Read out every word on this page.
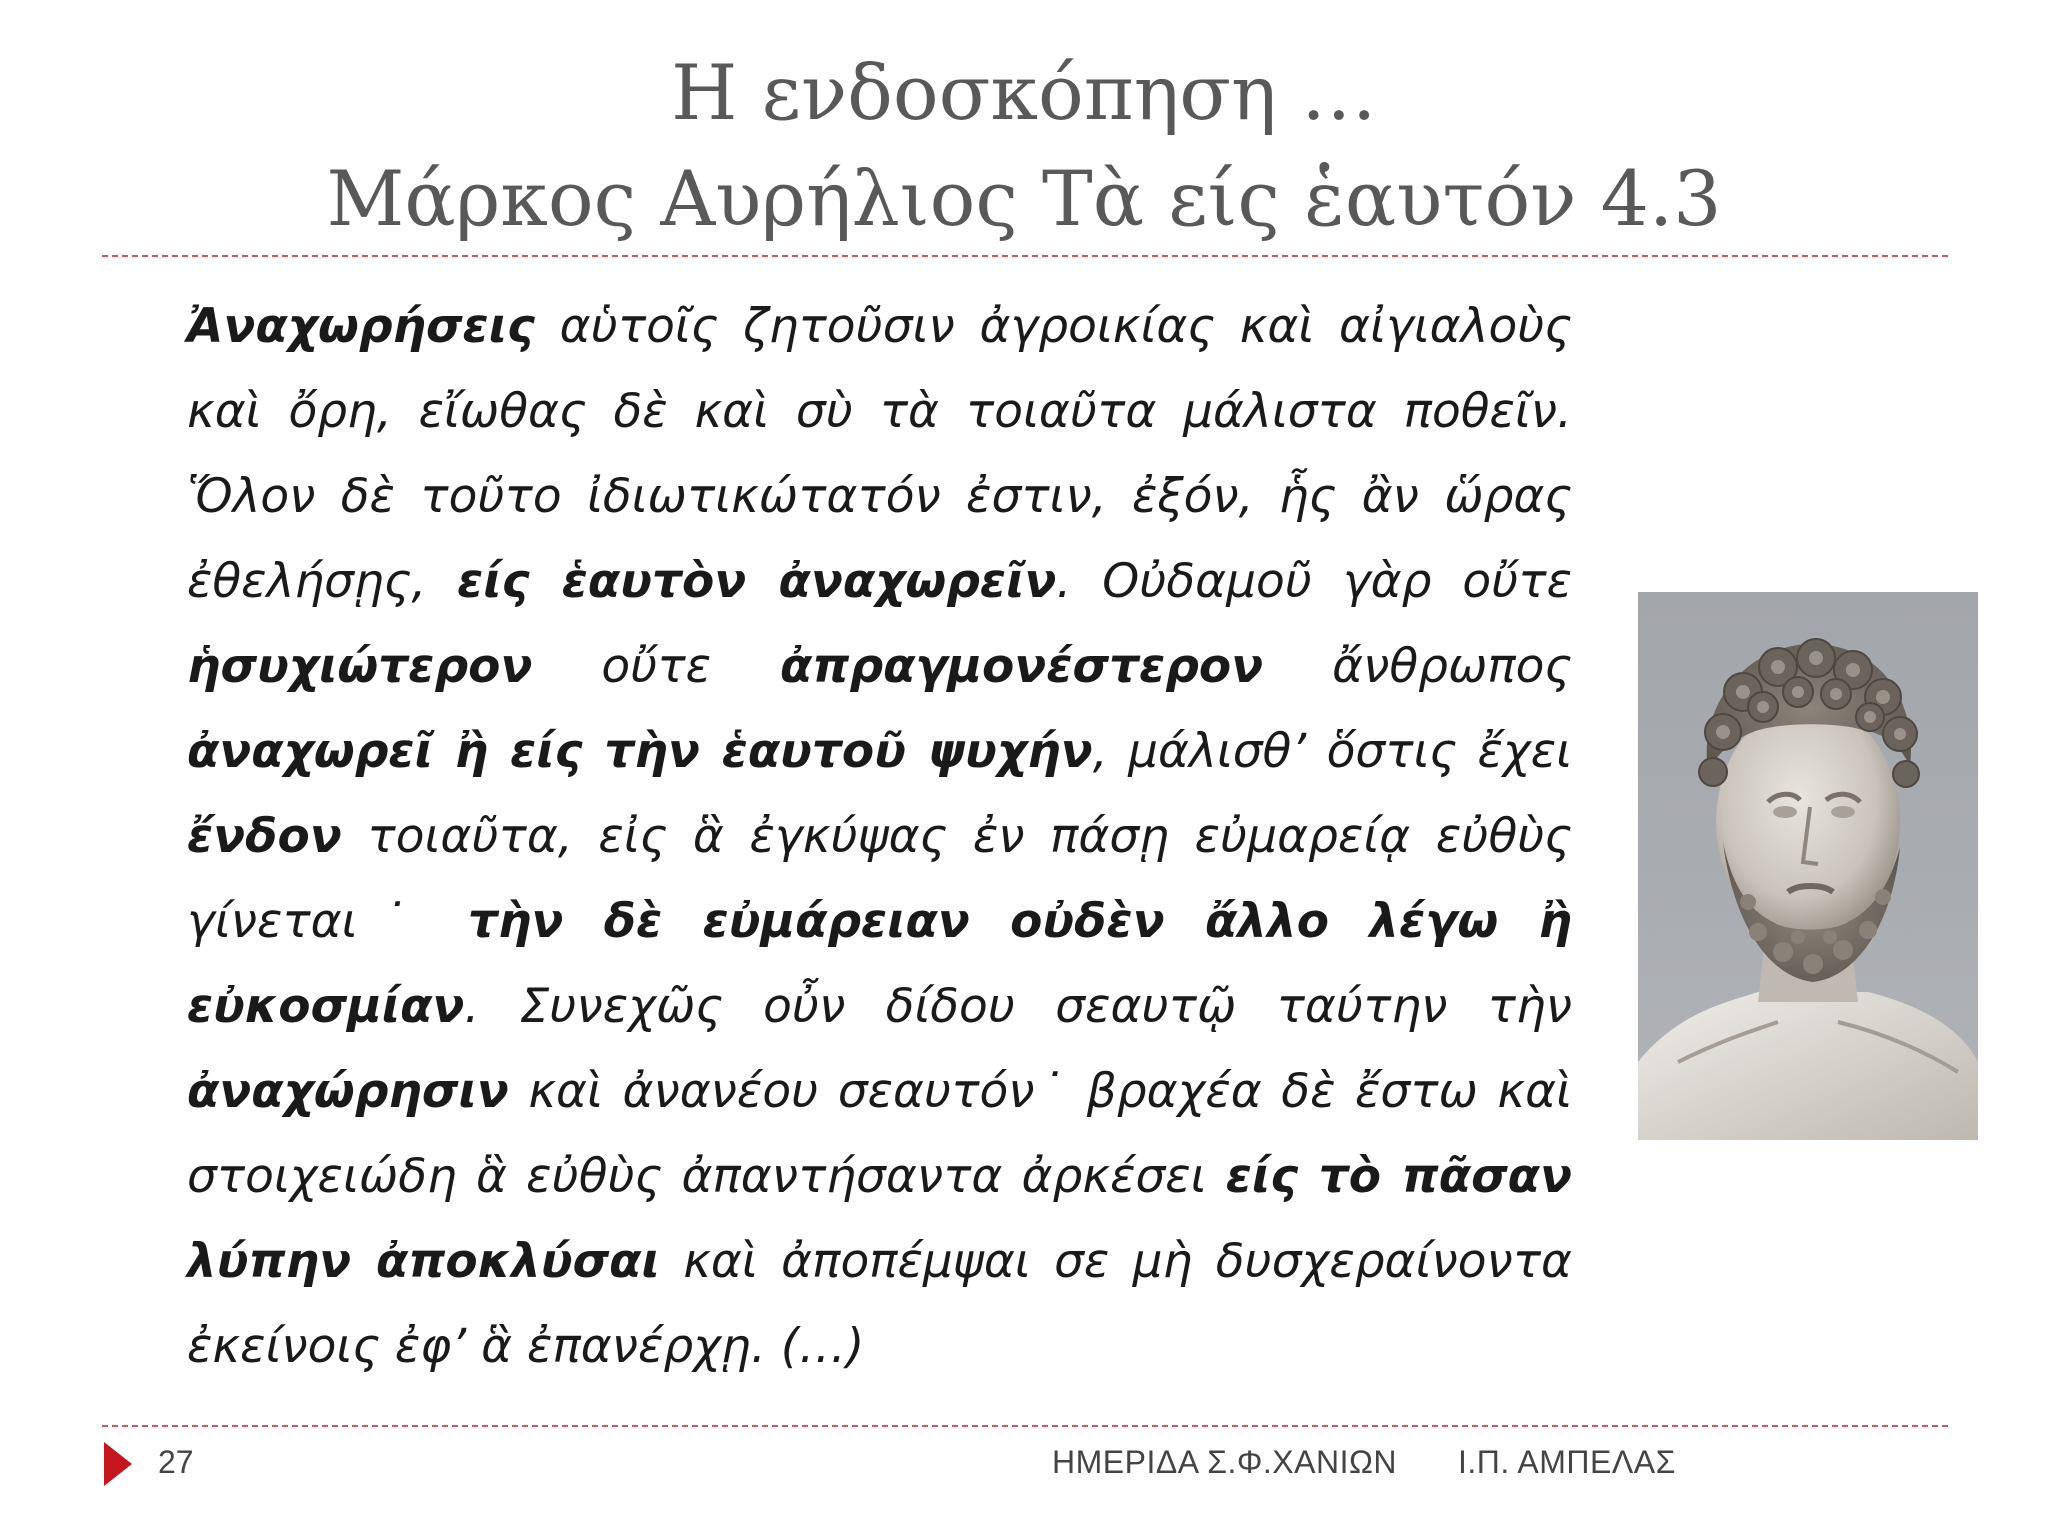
Η ενδοσκόπηση …
Μάρκος Αυρήλιος Τὰ είς ἑαυτόν 4.3

Ἀναχωρήσεις αὑτοῖς ζητοῦσιν ἀγροικίας καὶ αἰγιαλοὺς καὶ ὄρη, εἴωθας δὲ καὶ σὺ τὰ τοιαῦτα μάλιστα ποθεῖν. Ὅλον δὲ τοῦτο ἰδιωτικώτατόν ἐστιν, ἐξόν, ἧς ἂν ὥρας ἐθελήσῃς, είς ἑαυτὸν ἀναχωρεῖν. Οὐδαμοῦ γὰρ οὔτε ἡσυχιώτερον οὔτε ἀπραγμονέστερον ἄνθρωπος ἀναχωρεῖ ἢ είς τὴν ἑαυτοῦ ψυχήν, μάλισθ’ ὅστις ἔχει ἔνδον τοιαῦτα, εἰς ἃ ἐγκύψας ἐν πάσῃ εὐμαρείᾳ εὐθὺς γίνεται˙ τὴν δὲ εὐμάρειαν οὐδὲν ἄλλο λέγω ἢ εὐκοσμίαν. Συνεχῶς οὖν δίδου σεαυτῷ ταύτην τὴν ἀναχώρησιν καὶ ἀνανέου σεαυτόν˙ βραχέα δὲ ἔστω καὶ στοιχειώδη ἃ εὐθὺς ἀπαντήσαντα ἀρκέσει είς τὸ πᾶσαν λύπην ἀποκλύσαι καὶ ἀποπέμψαι σε μὴ δυσχεραίνοντα ἐκείνοις ἐφ’ ἃ ἐπανέρχῃ. (…)

27	ΗΜΕΡΙΔΑ Σ.Φ.ΧΑΝΙΩΝ Ι.Π. ΑΜΠΕΛΑΣ
